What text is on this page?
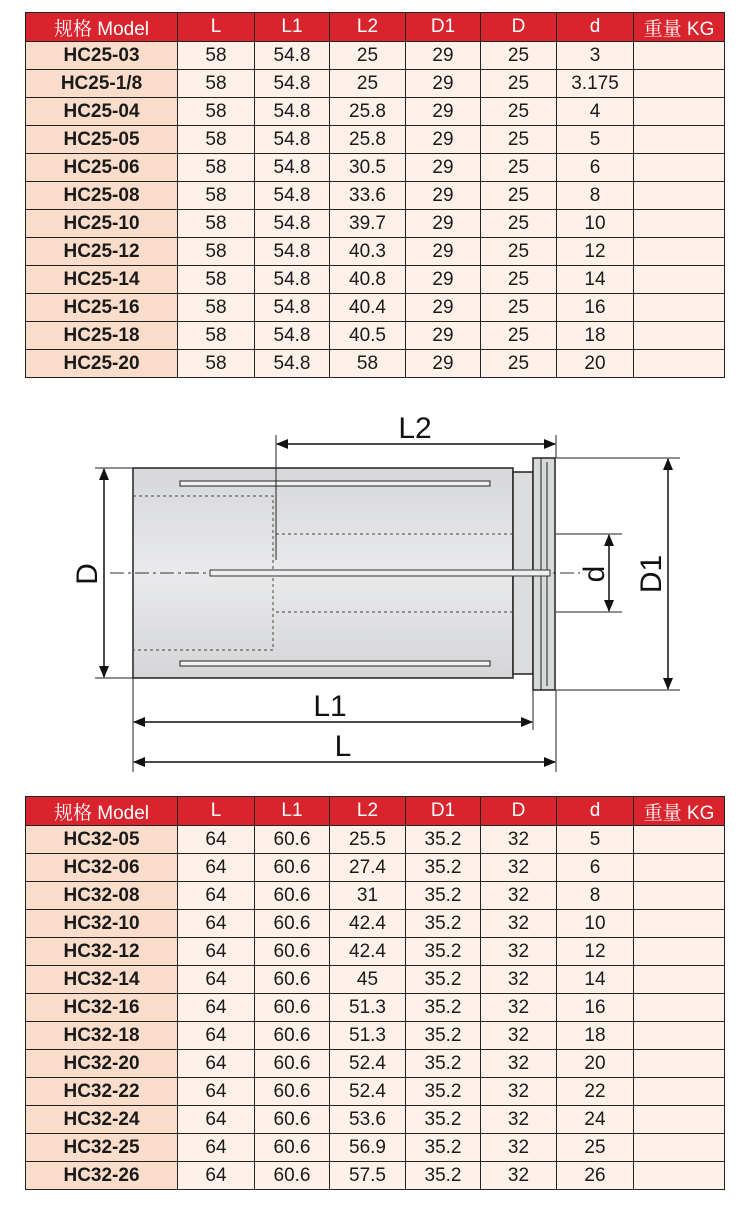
规格 Model	L	L1	L2	D1	D	d	重量 KG
HC25-03	58	54.8	25	29	25	3	
HC25-1/8	58	54.8	25	29	25	3.175	
HC25-04	58	54.8	25.8	29	25	4	
HC25-05	58	54.8	25.8	29	25	5	
HC25-06	58	54.8	30.5	29	25	6	
HC25-08	58	54.8	33.6	29	25	8	
HC25-10	58	54.8	39.7	29	25	10	
HC25-12	58	54.8	40.3	29	25	12	
HC25-14	58	54.8	40.8	29	25	14	
HC25-16	58	54.8	40.4	29	25	16	
HC25-18	58	54.8	40.5	29	25	18	
HC25-20	58	54.8	58	29	25	20	
L2
D	d D1
L1
L
规格 Model	L	L1	L2	D1	D	d	重量 KG
HC32-05	64	60.6	25.5	35.2	32	5	
HC32-06	64	60.6	27.4	35.2	32	6	
HC32-08	64	60.6	31	35.2	32	8	
HC32-10	64	60.6	42.4	35.2	32	10	
HC32-12	64	60.6	42.4	35.2	32	12	
HC32-14	64	60.6	45	35.2	32	14	
HC32-16	64	60.6	51.3	35.2	32	16	
HC32-18	64	60.6	51.3	35.2	32	18	
HC32-20	64	60.6	52.4	35.2	32	20	
HC32-22	64	60.6	52.4	35.2	32	22	
HC32-24	64	60.6	53.6	35.2	32	24	
HC32-25	64	60.6	56.9	35.2	32	25	
HC32-26	64	60.6	57.5	35.2	32	26	
